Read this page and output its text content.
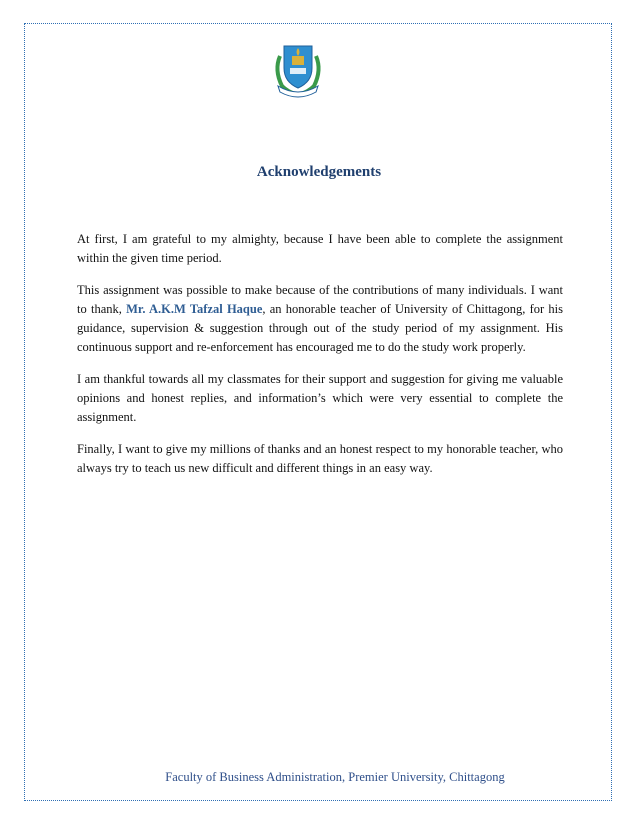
Acknowledgements

At first, I am grateful to my almighty, because I have been able to complete the assignment within the given time period.

This assignment was possible to make because of the contributions of many individuals. I want to thank, Mr. A.K.M Tafzal Haque, an honorable teacher of University of Chittagong, for his guidance, supervision & suggestion through out of the study period of my assignment. His continuous support and re-enforcement has encouraged me to do the study work properly.

I am thankful towards all my classmates for their support and suggestion for giving me valuable opinions and honest replies, and information’s which were very essential to complete the assignment.

Finally, I want to give my millions of thanks and an honest respect to my honorable teacher, who always try to teach us new difficult and different things in an easy way.

Faculty of Business Administration, Premier University, Chittagong
